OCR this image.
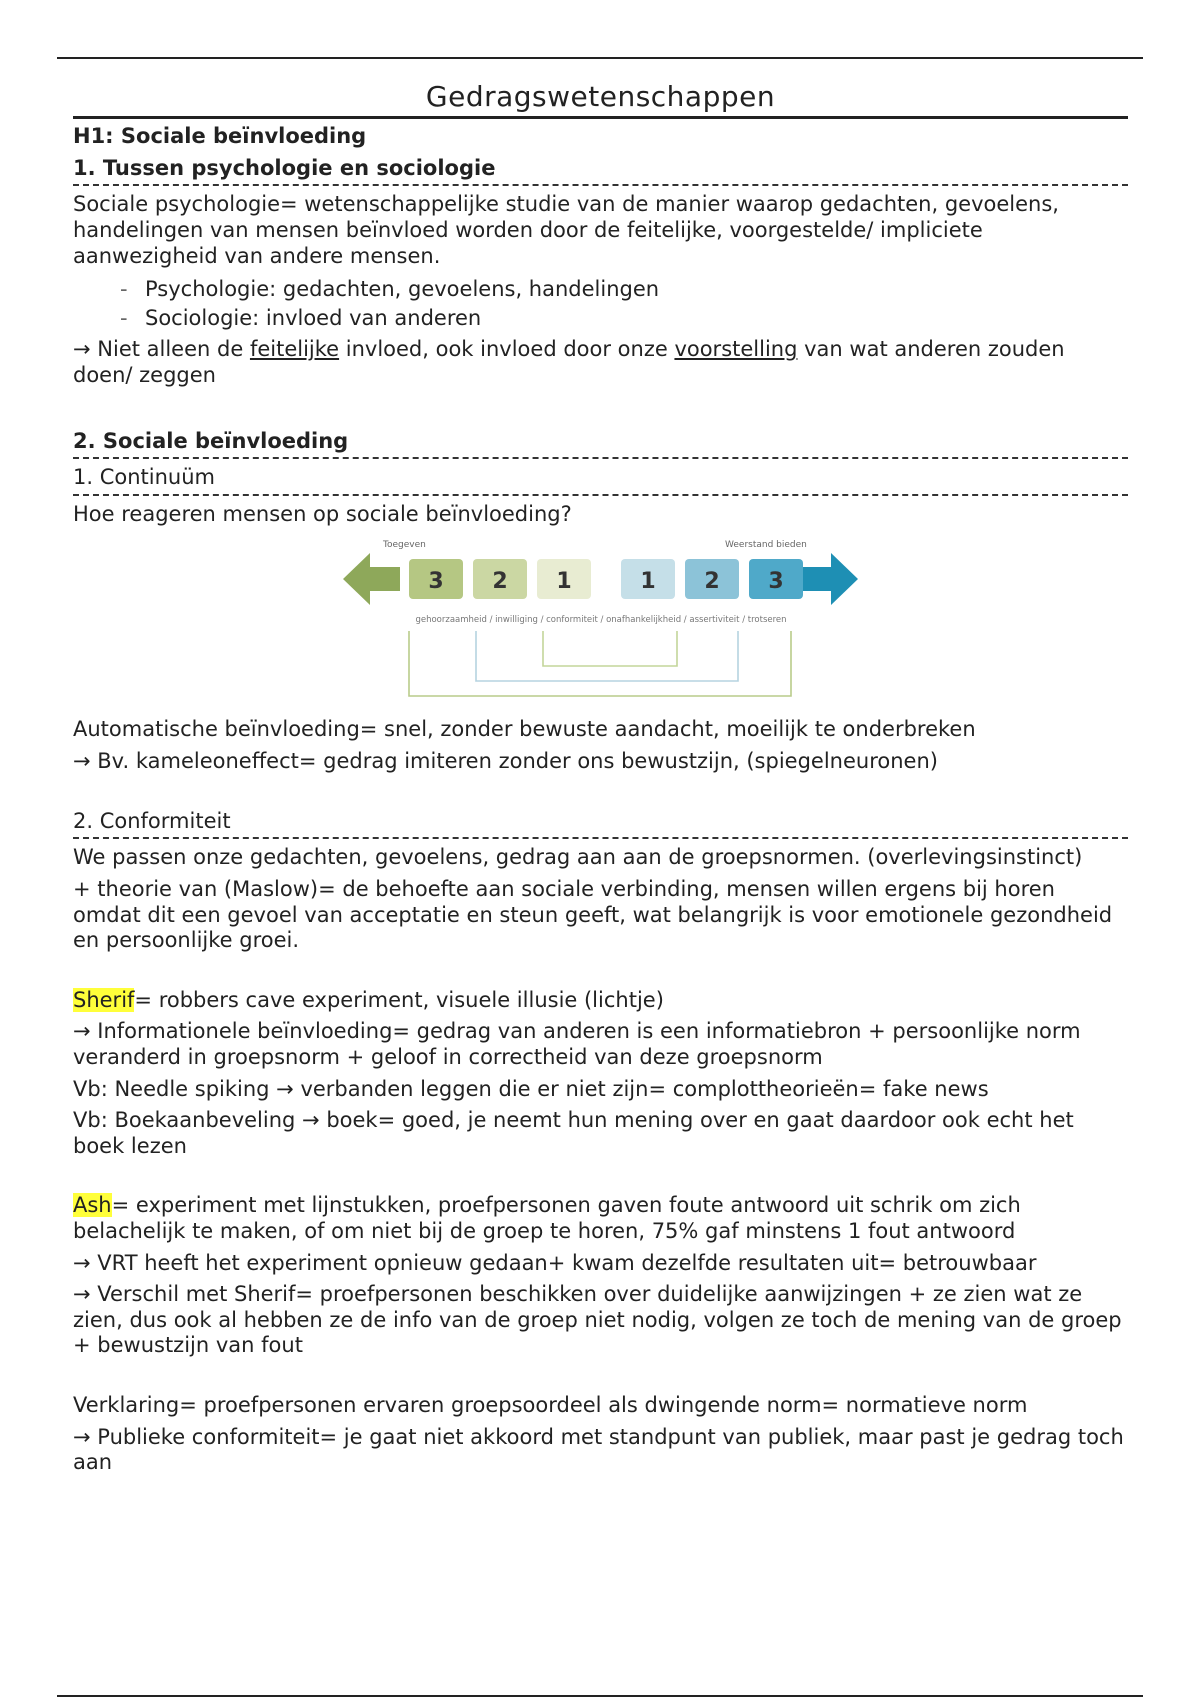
Gedragswetenschappen
H1: Sociale beïnvloeding
1. Tussen psychologie en sociologie

Sociale psychologie= wetenschappelijke studie van de manier waarop gedachten, gevoelens, handelingen van mensen beïnvloed worden door de feitelijke, voorgestelde/ impliciete aanwezigheid van andere mensen.

- Psychologie: gedachten, gevoelens, handelingen
- Sociologie: invloed van anderen

→ Niet alleen de feitelijke invloed, ook invloed door onze voorstelling van wat anderen zouden doen/ zeggen

2. Sociale beïnvloeding
1. Continuüm

Hoe reageren mensen op sociale beïnvloeding?

Toegeven	Weerstand bieden
3 2 1	1 2 3
gehoorzaamheid / inwilliging / conformiteit / onafhankelijkheid / assertiviteit / trotseren

Automatische beïnvloeding= snel, zonder bewuste aandacht, moeilijk te onderbreken

→ Bv. kameleoneffect= gedrag imiteren zonder ons bewustzijn, (spiegelneuronen)

2. Conformiteit

We passen onze gedachten, gevoelens, gedrag aan aan de groepsnormen. (overlevingsinstinct)

+ theorie van (Maslow)= de behoefte aan sociale verbinding, mensen willen ergens bij horen omdat dit een gevoel van acceptatie en steun geeft, wat belangrijk is voor emotionele gezondheid en persoonlijke groei.

Sherif= robbers cave experiment, visuele illusie (lichtje)

→ Informationele beïnvloeding= gedrag van anderen is een informatiebron + persoonlijke norm veranderd in groepsnorm + geloof in correctheid van deze groepsnorm

Vb: Needle spiking → verbanden leggen die er niet zijn= complottheorieën= fake news

Vb: Boekaanbeveling → boek= goed, je neemt hun mening over en gaat daardoor ook echt het boek lezen

Ash= experiment met lijnstukken, proefpersonen gaven foute antwoord uit schrik om zich belachelijk te maken, of om niet bij de groep te horen, 75% gaf minstens 1 fout antwoord

→ VRT heeft het experiment opnieuw gedaan+ kwam dezelfde resultaten uit= betrouwbaar

→ Verschil met Sherif= proefpersonen beschikken over duidelijke aanwijzingen + ze zien wat ze zien, dus ook al hebben ze de info van de groep niet nodig, volgen ze toch de mening van de groep + bewustzijn van fout

Verklaring= proefpersonen ervaren groepsoordeel als dwingende norm= normatieve norm

→ Publieke conformiteit= je gaat niet akkoord met standpunt van publiek, maar past je gedrag toch aan
